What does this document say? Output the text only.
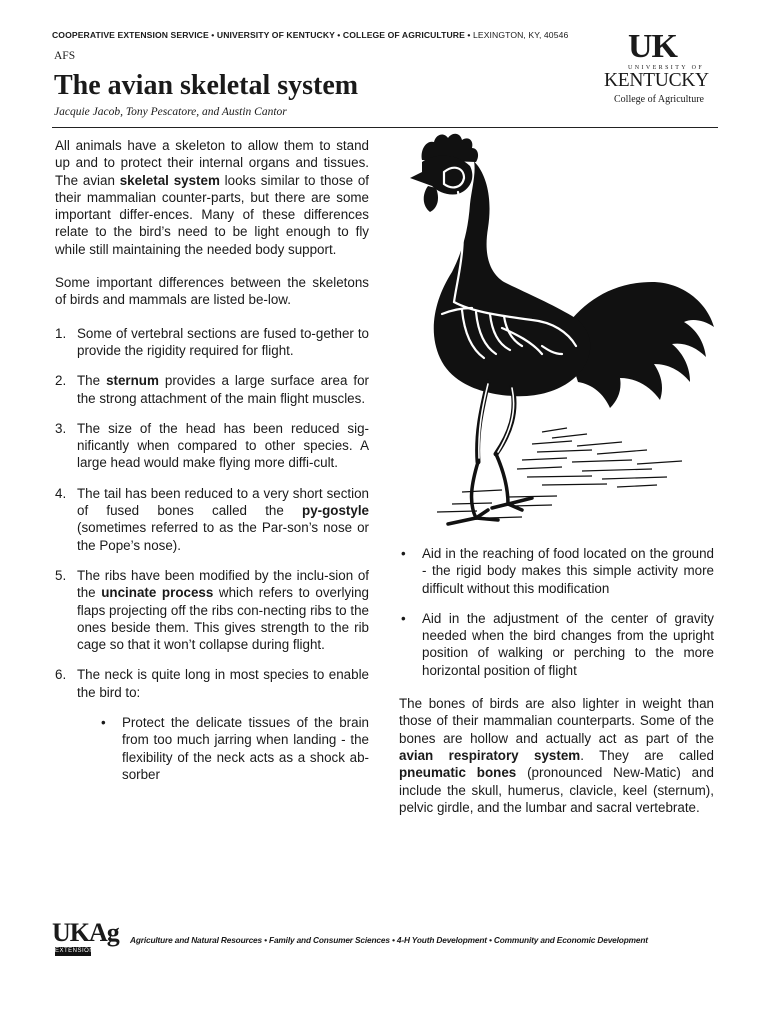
COOPERATIVE EXTENSION SERVICE • UNIVERSITY OF KENTUCKY • COLLEGE OF AGRICULTURE • LEXINGTON, KY, 40546
AFS
The avian skeletal system
Jacquie Jacob, Tony Pescatore, and Austin Cantor
UK
UNIVERSITY OF
KENTUCKY
College of Agriculture

All animals have a skeleton to allow them to stand up and to protect their internal organs and tissues. The avian skeletal system looks similar to those of their mammalian counter-parts, but there are some important differ-ences. Many of these differences relate to the bird’s need to be light enough to fly while still maintaining the needed body support.

Some important differences between the skeletons of birds and mammals are listed be-low.

1. Some of vertebral sections are fused to-gether to provide the rigidity required for flight.
2. The sternum provides a large surface area for the strong attachment of the main flight muscles.
3. The size of the head has been reduced sig-nificantly when compared to other species. A large head would make flying more diffi-cult.
4. The tail has been reduced to a very short section of fused bones called the py-gostyle (sometimes referred to as the Par-son’s nose or the Pope’s nose).
5. The ribs have been modified by the inclu-sion of the uncinate process which refers to overlying flaps projecting off the ribs con-necting ribs to the ones beside them. This gives strength to the rib cage so that it won’t collapse during flight.
6. The neck is quite long in most species to enable the bird to:
• Protect the delicate tissues of the brain from too much jarring when landing - the flexibility of the neck acts as a shock ab-sorber
• Aid in the reaching of food located on the ground - the rigid body makes this simple activity more difficult without this modification
• Aid in the adjustment of the center of gravity needed when the bird changes from the upright position of walking or perching to the more horizontal position of flight

The bones of birds are also lighter in weight than those of their mammalian counterparts. Some of the bones are hollow and actually act as part of the avian respiratory system. They are called pneumatic bones (pronounced New-Matic) and include the skull, humerus, clavicle, keel (sternum), pelvic girdle, and the lumbar and sacral vertebrate.

UKAg
EXTENSION
Agriculture and Natural Resources • Family and Consumer Sciences • 4-H Youth Development • Community and Economic Development
